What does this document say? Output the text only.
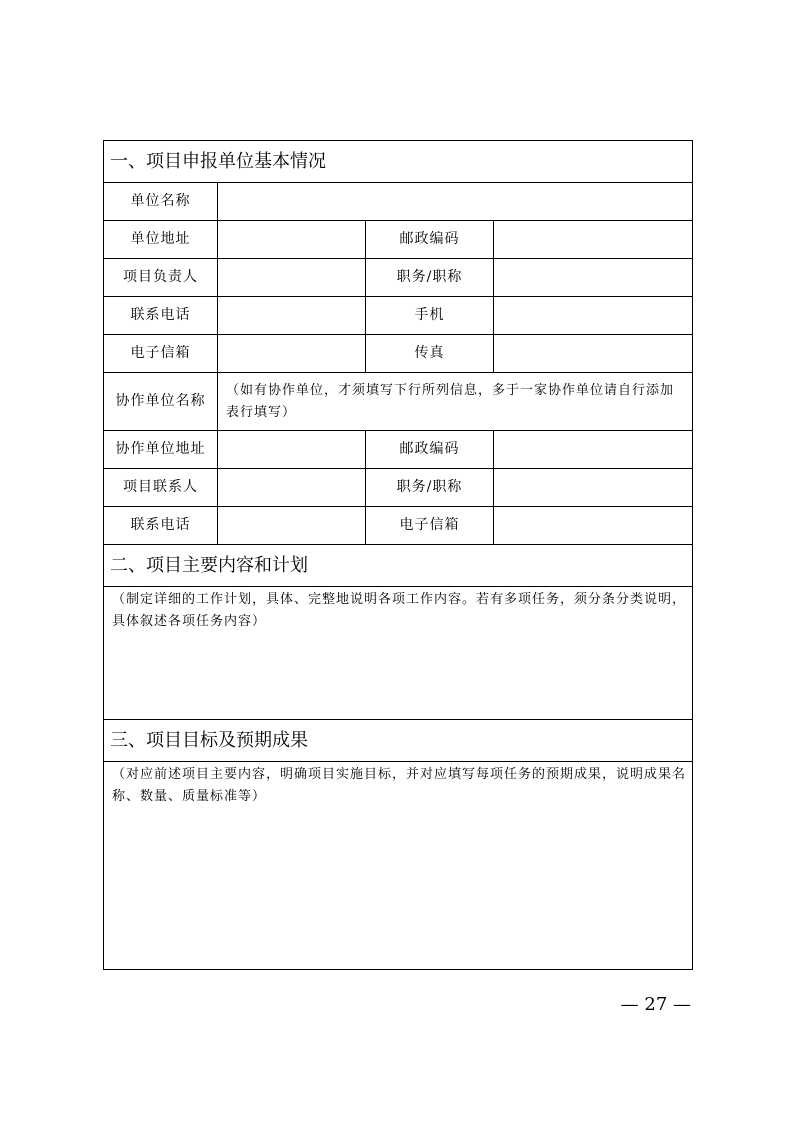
一、项目申报单位基本情况			
单位名称			
单位地址		邮政编码	
项目负责人		职务/职称	
联系电话		手机	
电子信箱		传真	
协作单位名称	（如有协作单位，才须填写下行所列信息，多于一家协作单位请自行添加表行填写）		
协作单位地址		邮政编码	
项目联系人		职务/职称	
联系电话		电子信箱	
二、项目主要内容和计划			
（制定详细的工作计划，具体、完整地说明各项工作内容。若有多项任务，须分条分类说明，具体叙述各项任务内容）			
三、项目目标及预期成果			
（对应前述项目主要内容，明确项目实施目标，并对应填写每项任务的预期成果，说明成果名称、数量、质量标准等）			
— 27 —
